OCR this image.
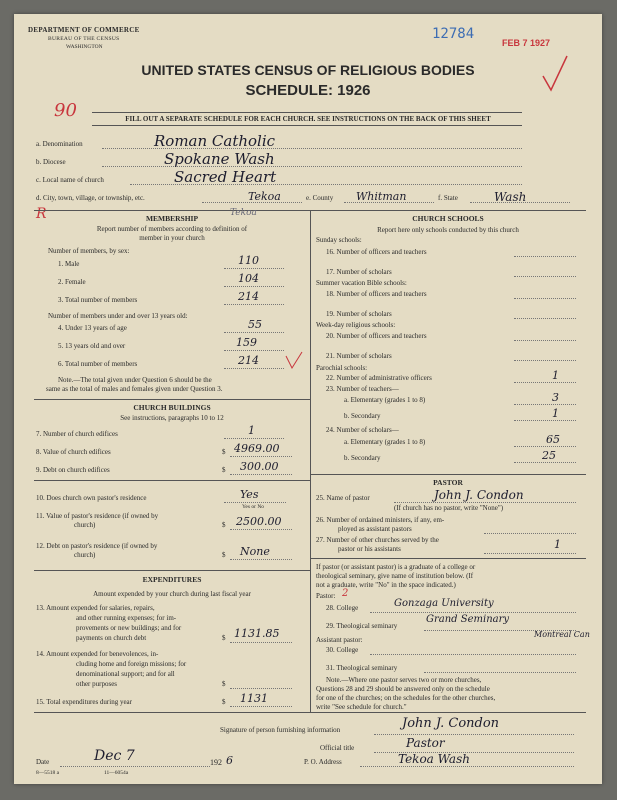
DEPARTMENT OF COMMERCE
BUREAU OF THE CENSUS
WASHINGTON
12784
FEB 7 1927
UNITED STATES CENSUS OF RELIGIOUS BODIES
SCHEDULE: 1926
90	FILL OUT A SEPARATE SCHEDULE FOR EACH CHURCH. SEE INSTRUCTIONS ON THE BACK OF THIS SHEET
a. Denomination	Roman Catholic
b. Diocese	Spokane Wash
c. Local name of church	Sacred Heart
R
d. City, town, village, or township, etc.	Tekoa	e. County Whitman	f. State	Wash
Tekoa
MEMBERSHIP
Report number of members according to definition of
member in your church
Number of members, by sex:
1. Male	110
2. Female	104
3. Total number of members	214
Number of members under and over 13 years old:
4. Under 13 years of age	55
5. 13 years old and over	159
6. Total number of members	214
Note.—The total given under Question 6 should be the
same as the total of males and females given under Question 3.
CHURCH BUILDINGS
See instructions, paragraphs 10 to 12
7. Number of church edifices	1
8. Value of church edifices	$ 4969.00
9. Debt on church edifices	$ 300.00
10. Does church own pastor's residence	Yes
Yes or No
11. Value of pastor's residence (if owned by
church)	$ 2500.00
12. Debt on pastor's residence (if owned by
church)	$ None
EXPENDITURES
Amount expended by your church during last fiscal year
13. Amount expended for salaries, repairs,
and other running expenses; for im-
provements or new buildings; and for
payments on church debt	$ 1131.85
14. Amount expended for benevolences, in-
cluding home and foreign missions; for
denominational support; and for all
other purposes	$
15. Total expenditures during year	$ 1131
CHURCH SCHOOLS
Report here only schools conducted by this church
Sunday schools:
16. Number of officers and teachers
17. Number of scholars
Summer vacation Bible schools:
18. Number of officers and teachers
19. Number of scholars
Week-day religious schools:
20. Number of officers and teachers
21. Number of scholars
Parochial schools:
22. Number of administrative officers	1
23. Number of teachers—
a. Elementary (grades 1 to 8)	3
b. Secondary	1
24. Number of scholars—
a. Elementary (grades 1 to 8)	65
b. Secondary	25
PASTOR
25. Name of pastor	John J. Condon
(If church has no pastor, write "None")
26. Number of ordained ministers, if any, em-
ployed as assistant pastors
27. Number of other churches served by the
pastor or his assistants	1
If pastor (or assistant pastor) is a graduate of a college or
theological seminary, give name of institution below. (If
not a graduate, write "No" in the space indicated.)
Pastor: 2
28. College	Gonzaga University
29. Theological seminary
Grand Seminary
Montreal Can
Assistant pastor:
30. College
31. Theological seminary
Note.—Where one pastor serves two or more churches,
Questions 28 and 29 should be answered only on the schedule
for one of the churches; on the schedules for the other churches,
write "See schedule for church."
Signature of person furnishing information	John J. Condon
Official title	Pastor
Date	Dec 7	192 6	P. O. Address	Tekoa Wash
8—5518 a	11—6054a
